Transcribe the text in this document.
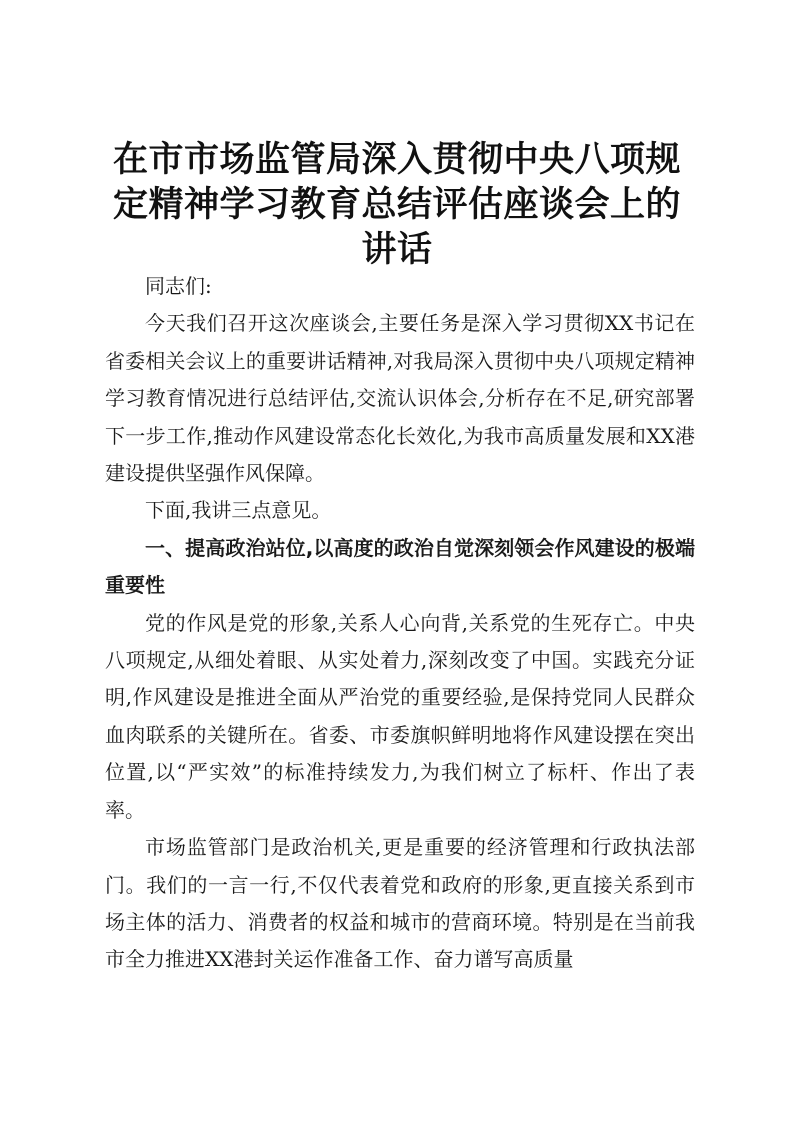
在市市场监管局深入贯彻中央八项规定精神学习教育总结评估座谈会上的讲话

同志们:

今天我们召开这次座谈会,主要任务是深入学习贯彻XX书记在省委相关会议上的重要讲话精神,对我局深入贯彻中央八项规定精神学习教育情况进行总结评估,交流认识体会,分析存在不足,研究部署下一步工作,推动作风建设常态化长效化,为我市高质量发展和XX港建设提供坚强作风保障。

下面,我讲三点意见。

一、提高政治站位,以高度的政治自觉深刻领会作风建设的极端重要性

党的作风是党的形象,关系人心向背,关系党的生死存亡。中央八项规定,从细处着眼、从实处着力,深刻改变了中国。实践充分证明,作风建设是推进全面从严治党的重要经验,是保持党同人民群众血肉联系的关键所在。省委、市委旗帜鲜明地将作风建设摆在突出位置,以“严实效”的标准持续发力,为我们树立了标杆、作出了表率。

市场监管部门是政治机关,更是重要的经济管理和行政执法部门。我们的一言一行,不仅代表着党和政府的形象,更直接关系到市场主体的活力、消费者的权益和城市的营商环境。特别是在当前我市全力推进XX港封关运作准备工作、奋力谱写高质量
